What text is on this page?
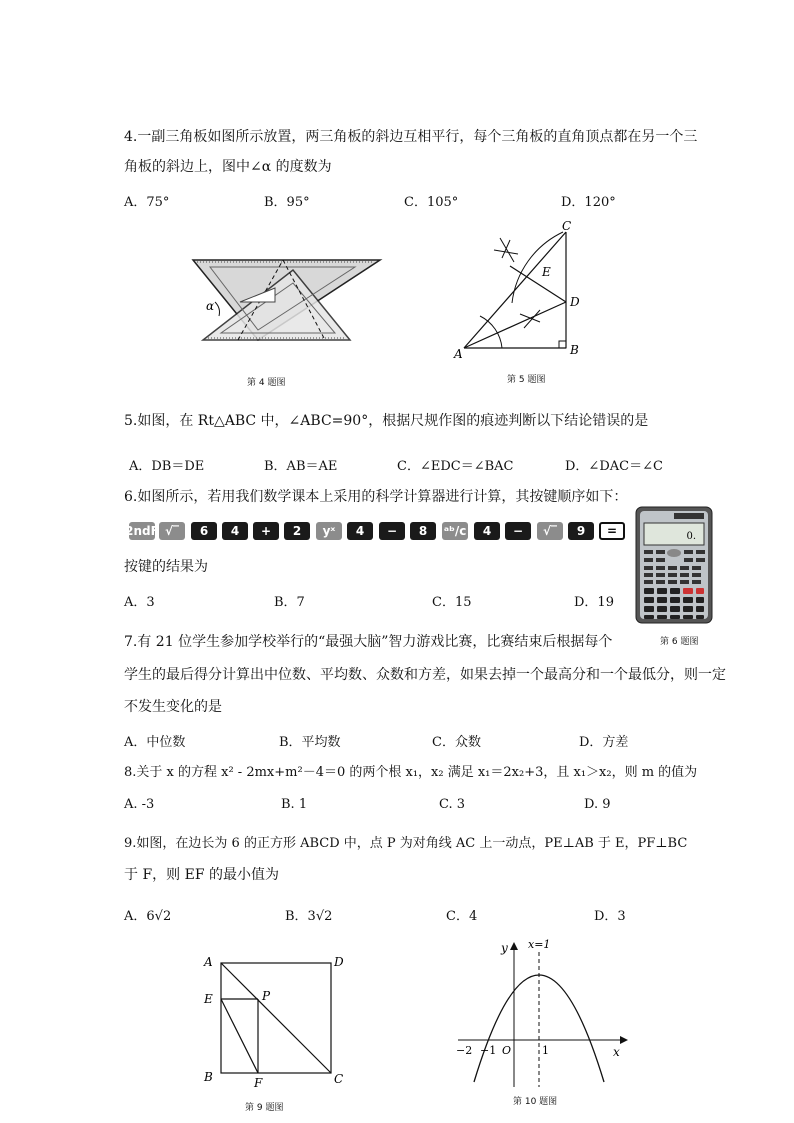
4.一副三角板如图所示放置，两三角板的斜边互相平行，每个三角板的直角顶点都在另一个三
角板的斜边上，图中∠α 的度数为
A．75°	B．95°	C．105°	D．120°
α
第 4 题图
A	B
C
D
E
第 5 题图
5.如图，在 Rt△ABC 中，∠ABC=90°，根据尺规作图的痕迹判断以下结论错误的是
A．DB＝DE	B．AB＝AE	C．∠EDC＝∠BAC	D．∠DAC＝∠C
6.如图所示，若用我们数学课本上采用的科学计算器进行计算，其按键顺序如下：
2ndF √‾	6	4	+	2	yˣ	4	−	8	ᵃᵇ/c	4	−	√‾	9	=
按键的结果为
A．3	B．7	C．15	D．19
0.
第 6 题图
7.有 21 位学生参加学校举行的“最强大脑”智力游戏比赛，比赛结束后根据每个
学生的最后得分计算出中位数、平均数、众数和方差，如果去掉一个最高分和一个最低分，则一定
不发生变化的是
A．中位数	B．平均数	C．众数	D．方差
8.关于 x 的方程 x² - 2mx+m²－4＝0 的两个根 x₁，x₂ 满足 x₁＝2x₂+3，且 x₁＞x₂，则 m 的值为
A. -3	B. 1	C. 3	D. 9
9.如图，在边长为 6 的正方形 ABCD 中，点 P 为对角线 AC 上一动点，PE⊥AB 于 E，PF⊥BC
于 F，则 EF 的最小值为
A．6√2	B．3√2	C．4	D．3
A	D
E	P
B	C
F
第 9 题图
y x=1
x
−2 −1 O	1
第 10 题图
